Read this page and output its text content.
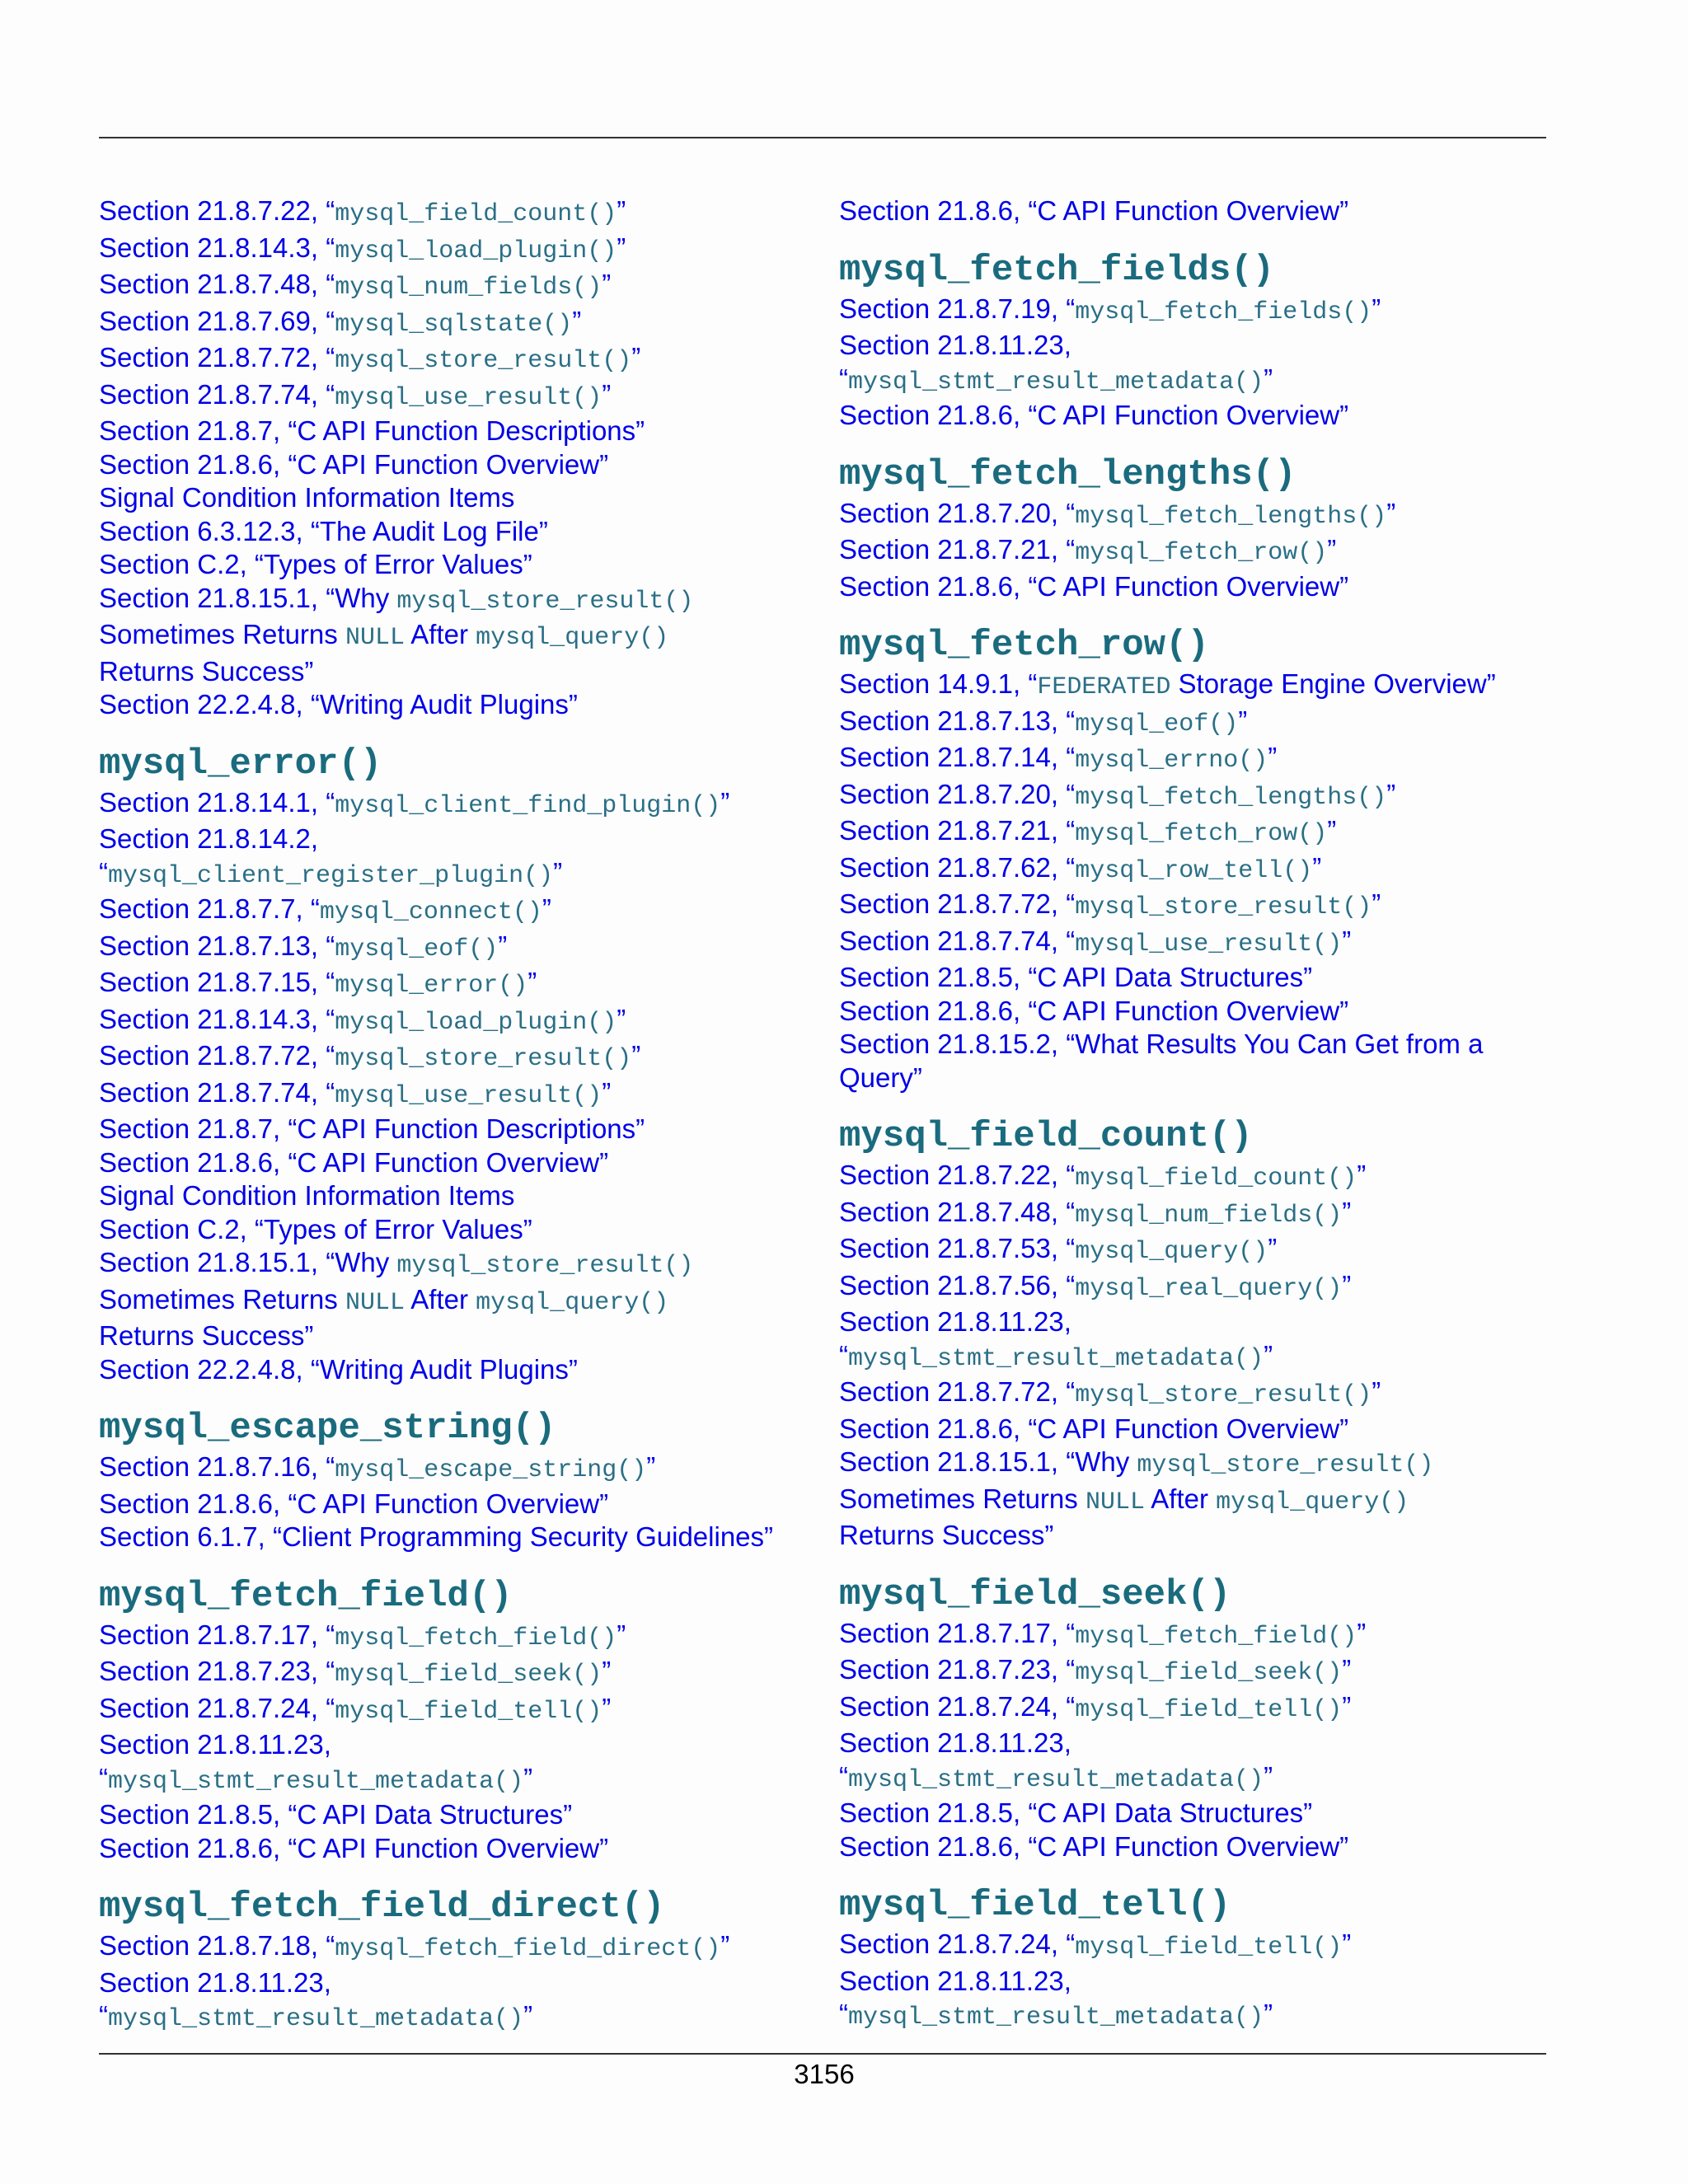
Section 21.8.7.22, “mysql_field_count()”
Section 21.8.14.3, “mysql_load_plugin()”
Section 21.8.7.48, “mysql_num_fields()”
Section 21.8.7.69, “mysql_sqlstate()”
Section 21.8.7.72, “mysql_store_result()”
Section 21.8.7.74, “mysql_use_result()”
Section 21.8.7, “C API Function Descriptions”
Section 21.8.6, “C API Function Overview”
Signal Condition Information Items
Section 6.3.12.3, “The Audit Log File”
Section C.2, “Types of Error Values”
Section 21.8.15.1, “Why mysql_store_result()
Sometimes Returns NULL After mysql_query()
Returns Success”
Section 22.2.4.8, “Writing Audit Plugins”
mysql_error()
Section 21.8.14.1, “mysql_client_find_plugin()”
Section 21.8.14.2,
“mysql_client_register_plugin()”
Section 21.8.7.7, “mysql_connect()”
Section 21.8.7.13, “mysql_eof()”
Section 21.8.7.15, “mysql_error()”
Section 21.8.14.3, “mysql_load_plugin()”
Section 21.8.7.72, “mysql_store_result()”
Section 21.8.7.74, “mysql_use_result()”
Section 21.8.7, “C API Function Descriptions”
Section 21.8.6, “C API Function Overview”
Signal Condition Information Items
Section C.2, “Types of Error Values”
Section 21.8.15.1, “Why mysql_store_result()
Sometimes Returns NULL After mysql_query()
Returns Success”
Section 22.2.4.8, “Writing Audit Plugins”
mysql_escape_string()
Section 21.8.7.16, “mysql_escape_string()”
Section 21.8.6, “C API Function Overview”
Section 6.1.7, “Client Programming Security Guidelines”
mysql_fetch_field()
Section 21.8.7.17, “mysql_fetch_field()”
Section 21.8.7.23, “mysql_field_seek()”
Section 21.8.7.24, “mysql_field_tell()”
Section 21.8.11.23,
“mysql_stmt_result_metadata()”
Section 21.8.5, “C API Data Structures”
Section 21.8.6, “C API Function Overview”
mysql_fetch_field_direct()
Section 21.8.7.18, “mysql_fetch_field_direct()”
Section 21.8.11.23,
“mysql_stmt_result_metadata()”
Section 21.8.6, “C API Function Overview”
mysql_fetch_fields()
Section 21.8.7.19, “mysql_fetch_fields()”
Section 21.8.11.23,
“mysql_stmt_result_metadata()”
Section 21.8.6, “C API Function Overview”
mysql_fetch_lengths()
Section 21.8.7.20, “mysql_fetch_lengths()”
Section 21.8.7.21, “mysql_fetch_row()”
Section 21.8.6, “C API Function Overview”
mysql_fetch_row()
Section 14.9.1, “FEDERATED Storage Engine Overview”
Section 21.8.7.13, “mysql_eof()”
Section 21.8.7.14, “mysql_errno()”
Section 21.8.7.20, “mysql_fetch_lengths()”
Section 21.8.7.21, “mysql_fetch_row()”
Section 21.8.7.62, “mysql_row_tell()”
Section 21.8.7.72, “mysql_store_result()”
Section 21.8.7.74, “mysql_use_result()”
Section 21.8.5, “C API Data Structures”
Section 21.8.6, “C API Function Overview”
Section 21.8.15.2, “What Results You Can Get from a
Query”
mysql_field_count()
Section 21.8.7.22, “mysql_field_count()”
Section 21.8.7.48, “mysql_num_fields()”
Section 21.8.7.53, “mysql_query()”
Section 21.8.7.56, “mysql_real_query()”
Section 21.8.11.23,
“mysql_stmt_result_metadata()”
Section 21.8.7.72, “mysql_store_result()”
Section 21.8.6, “C API Function Overview”
Section 21.8.15.1, “Why mysql_store_result()
Sometimes Returns NULL After mysql_query()
Returns Success”
mysql_field_seek()
Section 21.8.7.17, “mysql_fetch_field()”
Section 21.8.7.23, “mysql_field_seek()”
Section 21.8.7.24, “mysql_field_tell()”
Section 21.8.11.23,
“mysql_stmt_result_metadata()”
Section 21.8.5, “C API Data Structures”
Section 21.8.6, “C API Function Overview”
mysql_field_tell()
Section 21.8.7.24, “mysql_field_tell()”
Section 21.8.11.23,
“mysql_stmt_result_metadata()”
3156
